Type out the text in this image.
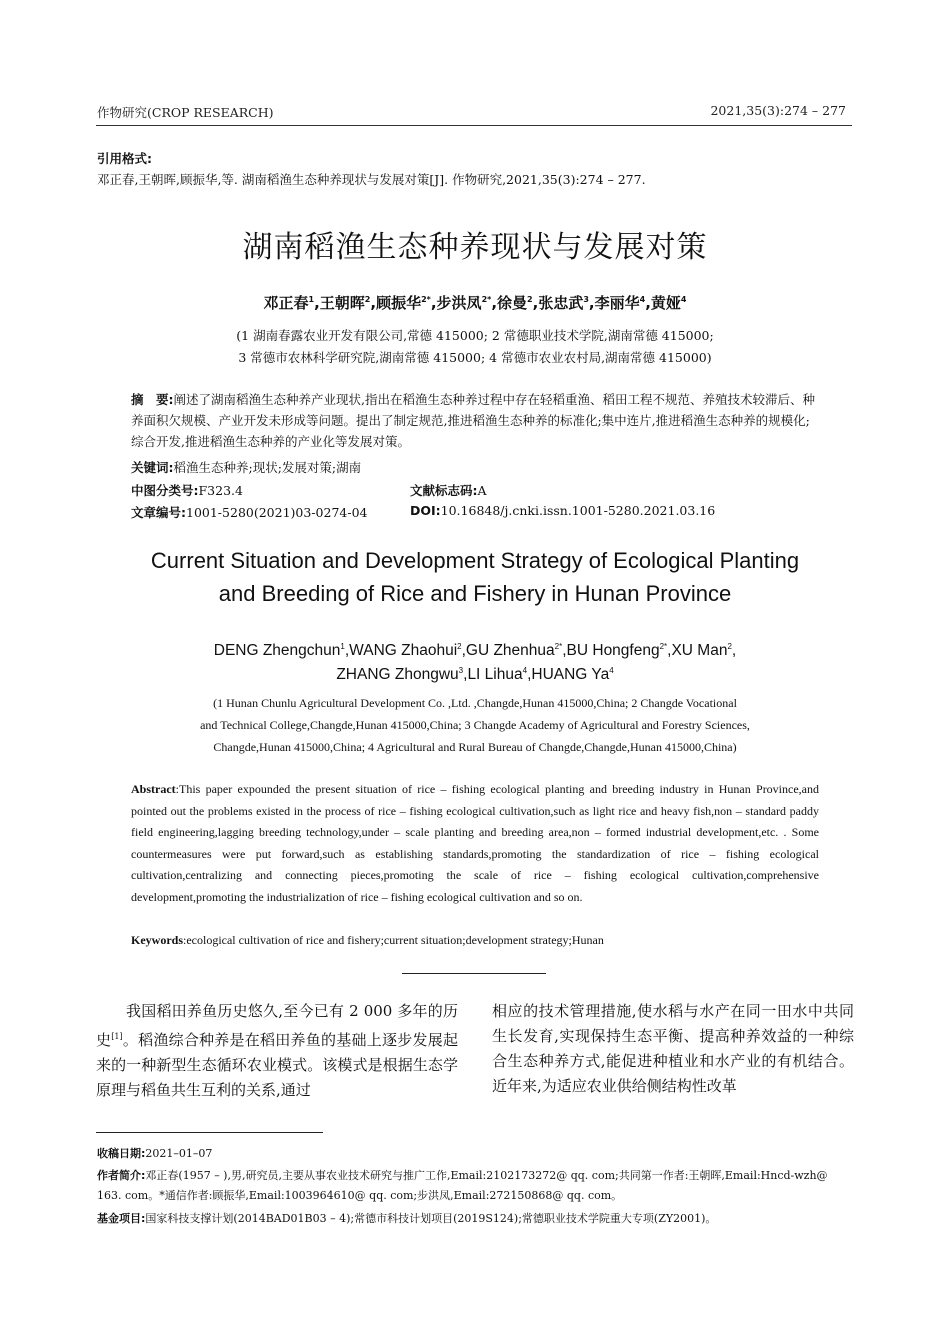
作物研究(CROP RESEARCH)	2021,35(3):274 – 277
引用格式:
邓正春,王朝晖,顾振华,等. 湖南稻渔生态种养现状与发展对策[J]. 作物研究,2021,35(3):274 – 277.
湖南稻渔生态种养现状与发展对策
邓正春$^1$,王朝晖$^2$,顾振华$^{2*}$,步洪凤$^{2*}$,徐曼$^2$,张忠武$^3$,李丽华$^4$,黄娅$^4$
(1 湖南春露农业开发有限公司,常德 415000; 2 常德职业技术学院,湖南常德 415000;
3 常德市农林科学研究院,湖南常德 415000; 4 常德市农业农村局,湖南常德 415000)
摘　要:阐述了湖南稻渔生态种养产业现状,指出在稻渔生态种养过程中存在轻稻重渔、稻田工程不规范、养殖技术较滞后、种养面积欠规模、产业开发未形成等问题。提出了制定规范,推进稻渔生态种养的标准化;集中连片,推进稻渔生态种养的规模化;综合开发,推进稻渔生态种养的产业化等发展对策。
关键词:稻渔生态种养;现状;发展对策;湖南
中图分类号:F323.4	文献标志码:A
文章编号:1001-5280(2021)03-0274-04	DOI:10.16848/j.cnki.issn.1001-5280.2021.03.16
Current Situation and Development Strategy of Ecological Planting
and Breeding of Rice and Fishery in Hunan Province
DENG Zhengchun$^1$,WANG Zhaohui$^2$,GU Zhenhua$^{2*}$,BU Hongfeng$^{2*}$,XU Man$^2$,
ZHANG Zhongwu$^3$,LI Lihua$^4$,HUANG Ya$^4$
(1 Hunan Chunlu Agricultural Development Co. ,Ltd. ,Changde,Hunan 415000,China; 2 Changde Vocational
and Technical College,Changde,Hunan 415000,China; 3 Changde Academy of Agricultural and Forestry Sciences,
Changde,Hunan 415000,China; 4 Agricultural and Rural Bureau of Changde,Changde,Hunan 415000,China)
Abstract:This paper expounded the present situation of rice – fishing ecological planting and breeding industry in Hunan Province,and pointed out the problems existed in the process of rice – fishing ecological cultivation,such as light rice and heavy fish,non – standard paddy field engineering,lagging breeding technology,under – scale planting and breeding area,non – formed industrial development,etc. . Some countermeasures were put forward,such as establishing standards,promoting the standardization of rice – fishing ecological cultivation,centralizing and connecting pieces,promoting the scale of rice – fishing ecological cultivation,comprehensive development,promoting the industrialization of rice – fishing ecological cultivation and so on.
Keywords:ecological cultivation of rice and fishery;current situation;development strategy;Hunan
我国稻田养鱼历史悠久,至今已有 2 000 多年的历史[1]。稻渔综合种养是在稻田养鱼的基础上逐步发展起来的一种新型生态循环农业模式。该模式是根据生态学原理与稻鱼共生互利的关系,通过
相应的技术管理措施,使水稻与水产在同一田水中共同生长发育,实现保持生态平衡、提高种养效益的一种综合生态种养方式,能促进种植业和水产业的有机结合。近年来,为适应农业供给侧结构性改革
收稿日期:2021–01–07
作者简介:邓正春(1957 – ),男,研究员,主要从事农业技术研究与推广工作,Email:2102173272@ qq. com;共同第一作者:王朝晖,Email:Hncd-wzh@ 163. com。*通信作者:顾振华,Email:1003964610@ qq. com;步洪凤,Email:272150868@ qq. com。
基金项目:国家科技支撑计划(2014BAD01B03 – 4);常德市科技计划项目(2019S124);常德职业技术学院重大专项(ZY2001)。
